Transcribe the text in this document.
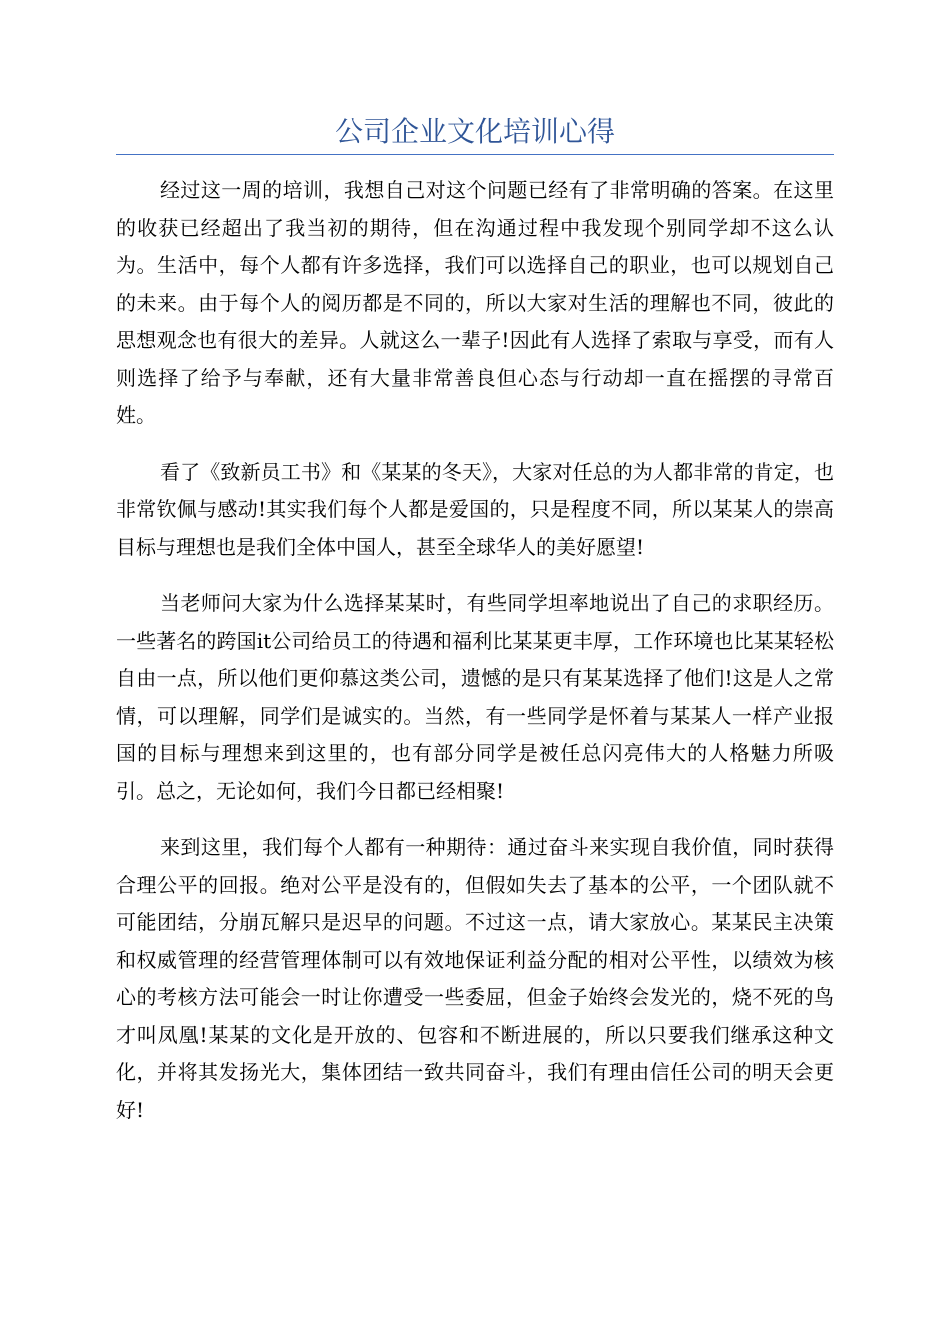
公司企业文化培训心得

经过这一周的培训，我想自己对这个问题已经有了非常明确的答案。在这里的收获已经超出了我当初的期待，但在沟通过程中我发现个别同学却不这么认为。生活中，每个人都有许多选择，我们可以选择自己的职业，也可以规划自己的未来。由于每个人的阅历都是不同的，所以大家对生活的理解也不同，彼此的思想观念也有很大的差异。人就这么一辈子!因此有人选择了索取与享受，而有人则选择了给予与奉献，还有大量非常善良但心态与行动却一直在摇摆的寻常百姓。

看了《致新员工书》和《某某的冬天》，大家对任总的为人都非常的肯定，也非常钦佩与感动!其实我们每个人都是爱国的，只是程度不同，所以某某人的崇高目标与理想也是我们全体中国人，甚至全球华人的美好愿望!

当老师问大家为什么选择某某时，有些同学坦率地说出了自己的求职经历。一些著名的跨国it公司给员工的待遇和福利比某某更丰厚，工作环境也比某某轻松自由一点，所以他们更仰慕这类公司，遗憾的是只有某某选择了他们!这是人之常情，可以理解，同学们是诚实的。当然，有一些同学是怀着与某某人一样产业报国的目标与理想来到这里的，也有部分同学是被任总闪亮伟大的人格魅力所吸引。总之，无论如何，我们今日都已经相聚!

来到这里，我们每个人都有一种期待：通过奋斗来实现自我价值，同时获得合理公平的回报。绝对公平是没有的，但假如失去了基本的公平，一个团队就不可能团结，分崩瓦解只是迟早的问题。不过这一点，请大家放心。某某民主决策和权威管理的经营管理体制可以有效地保证利益分配的相对公平性，以绩效为核心的考核方法可能会一时让你遭受一些委屈，但金子始终会发光的，烧不死的鸟才叫凤凰!某某的文化是开放的、包容和不断进展的，所以只要我们继承这种文化，并将其发扬光大，集体团结一致共同奋斗，我们有理由信任公司的明天会更好!
